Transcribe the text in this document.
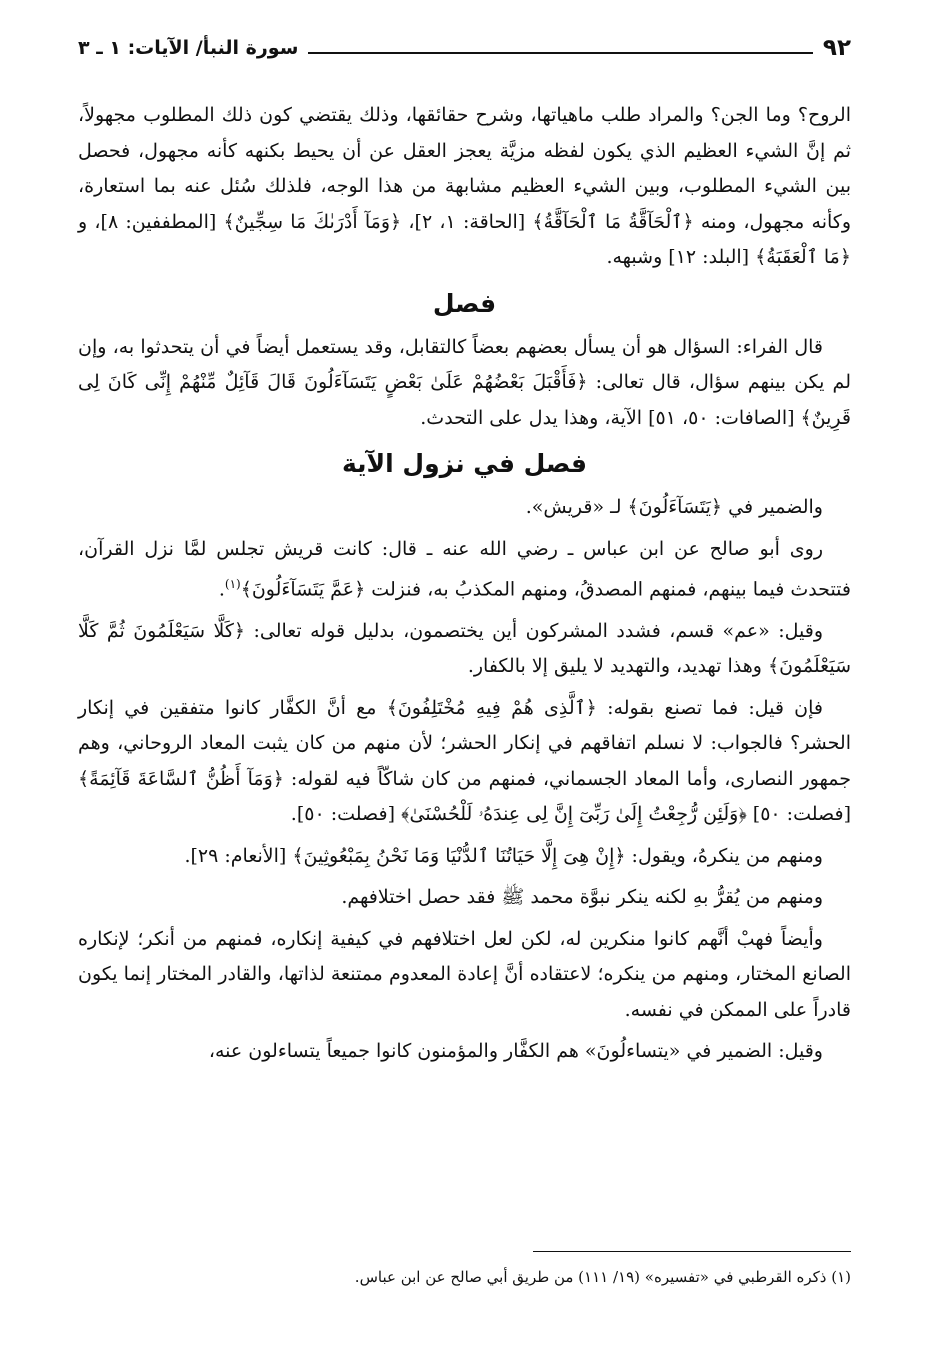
٩٢
سورة النبأ/ الآيات: ١ ـ ٣

الروح؟ وما الجن؟ والمراد طلب ماهياتها، وشرح حقائقها، وذلك يقتضي كون ذلك المطلوب مجهولاً، ثم إنَّ الشيء العظيم الذي يكون لفظه مزيَّة يعجز العقل عن أن يحيط بكنهه كأنه مجهول، فحصل بين الشيء المطلوب، وبين الشيء العظيم مشابهة من هذا الوجه، فلذلك سُئل عنه بما استعارة، وكأنه مجهول، ومنه ﴿ٱلْحَآقَّةُ مَا ٱلْحَآقَّةُ﴾ [الحاقة: ١، ٢]، ﴿وَمَآ أَدْرَىٰكَ مَا سِجِّينٌ﴾ [المطففين: ٨]، و ﴿مَا ٱلْعَقَبَةُ﴾ [البلد: ١٢] وشبهه.

فصل

قال الفراء: السؤال هو أن يسأل بعضهم بعضاً كالتقابل، وقد يستعمل أيضاً في أن يتحدثوا به، وإن لم يكن بينهم سؤال، قال تعالى: ﴿فَأَقْبَلَ بَعْضُهُمْ عَلَىٰ بَعْضٍ يَتَسَآءَلُونَ قَالَ قَآئِلٌ مِّنْهُمْ إِنِّى كَانَ لِى قَرِينٌ﴾ [الصافات: ٥٠، ٥١] الآية، وهذا يدل على التحدث.

فصل في نزول الآية

والضمير في ﴿يَتَسَآءَلُونَ﴾ لـ «قريش».

روى أبو صالح عن ابن عباس ـ رضي الله عنه ـ قال: كانت قريش تجلس لمَّا نزل القرآن، فتتحدث فيما بينهم، فمنهم المصدقُ، ومنهم المكذبُ به، فنزلت ﴿عَمَّ يَتَسَآءَلُونَ﴾$^{(١)}$.

وقيل: «عم» قسم، فشدد المشركون أين يختصمون، بدليل قوله تعالى: ﴿كَلَّا سَيَعْلَمُونَ ثُمَّ كَلَّا سَيَعْلَمُونَ﴾ وهذا تهديد، والتهديد لا يليق إلا بالكفار.

فإن قيل: فما تصنع بقوله: ﴿ٱلَّذِى هُمْ فِيهِ مُخْتَلِفُونَ﴾ مع أنَّ الكفَّار كانوا متفقين في إنكار الحشر؟ فالجواب: لا نسلم اتفاقهم في إنكار الحشر؛ لأن منهم من كان يثبت المعاد الروحاني، وهم جمهور النصارى، وأما المعاد الجسماني، فمنهم من كان شاكّاً فيه لقوله: ﴿وَمَآ أَظُنُّ ٱلسَّاعَةَ قَآئِمَةً﴾ [فصلت: ٥٠] ﴿وَلَئِن رُّجِعْتُ إِلَىٰ رَبِّىٓ إِنَّ لِى عِندَهُۥ لَلْحُسْنَىٰ﴾ [فصلت: ٥٠].

ومنهم من ينكرهُ، ويقول: ﴿إِنْ هِىَ إِلَّا حَيَاتُنَا ٱلدُّنْيَا وَمَا نَحْنُ بِمَبْعُوثِينَ﴾ [الأنعام: ٢٩].

ومنهم من يُقرُّ بهِ لكنه ينكر نبوَّة محمد ﷺ فقد حصل اختلافهم.

وأيضاً فهبْ أنَّهم كانوا منكرين له، لكن لعل اختلافهم في كيفية إنكاره، فمنهم من أنكر؛ لإنكاره الصانع المختار، ومنهم من ينكره؛ لاعتقاده أنَّ إعادة المعدوم ممتنعة لذاتها، والقادر المختار إنما يكون قادراً على الممكن في نفسه.

وقيل: الضمير في «يتساءلُونَ» هم الكفَّار والمؤمنون كانوا جميعاً يتساءلون عنه،

(١) ذكره القرطبي في «تفسيره» (١٩/ ١١١) من طريق أبي صالح عن ابن عباس.
